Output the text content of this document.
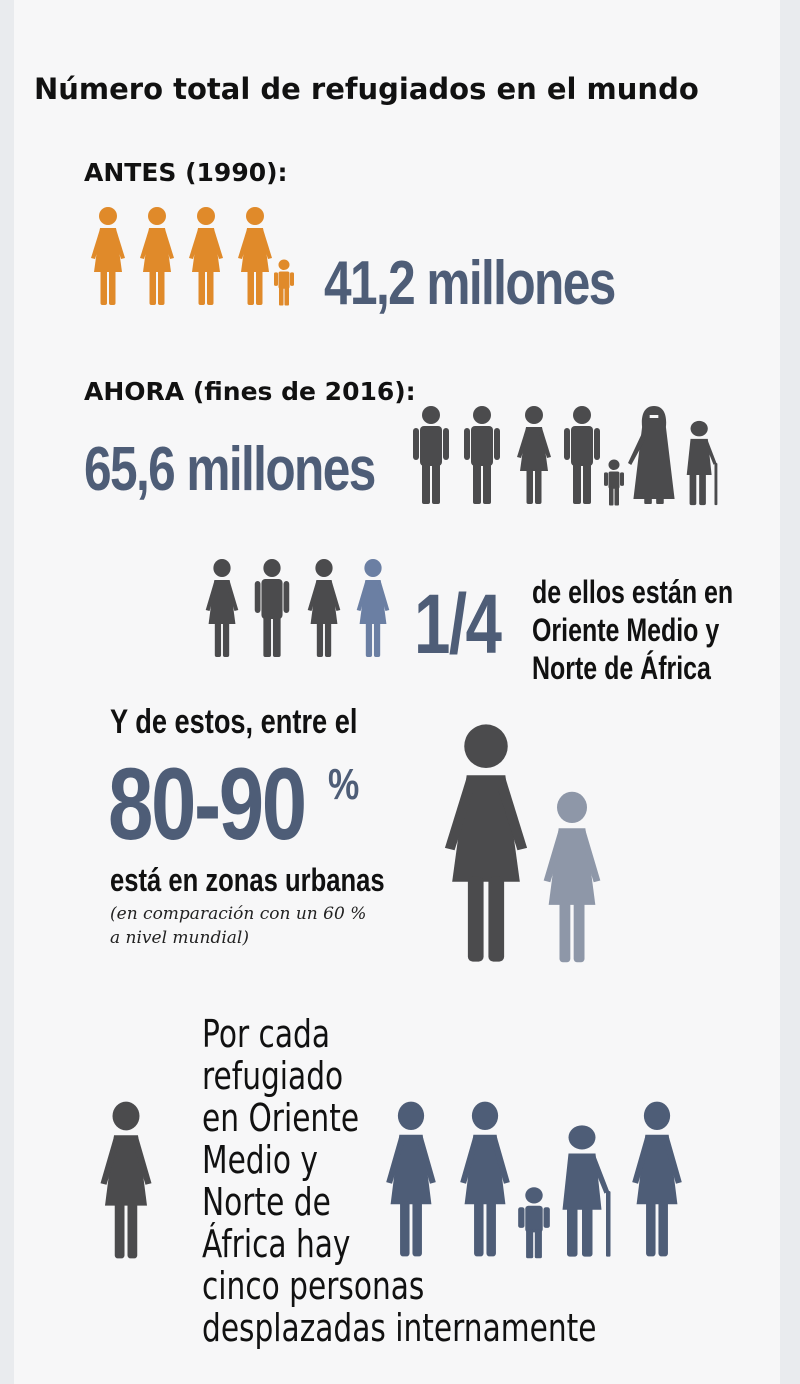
Número total de refugiados en el mundo
ANTES (1990):
41,2 millones
AHORA (fines de 2016):
65,6 millones
1/4 de ellos están en
Oriente Medio y
Norte de África
Y de estos, entre el
80-90 %
está en zonas urbanas
(en comparación con un 60 %
a nivel mundial)
Por cada
refugiado
en Oriente
Medio y
Norte de
África hay
cinco personas
desplazadas internamente
